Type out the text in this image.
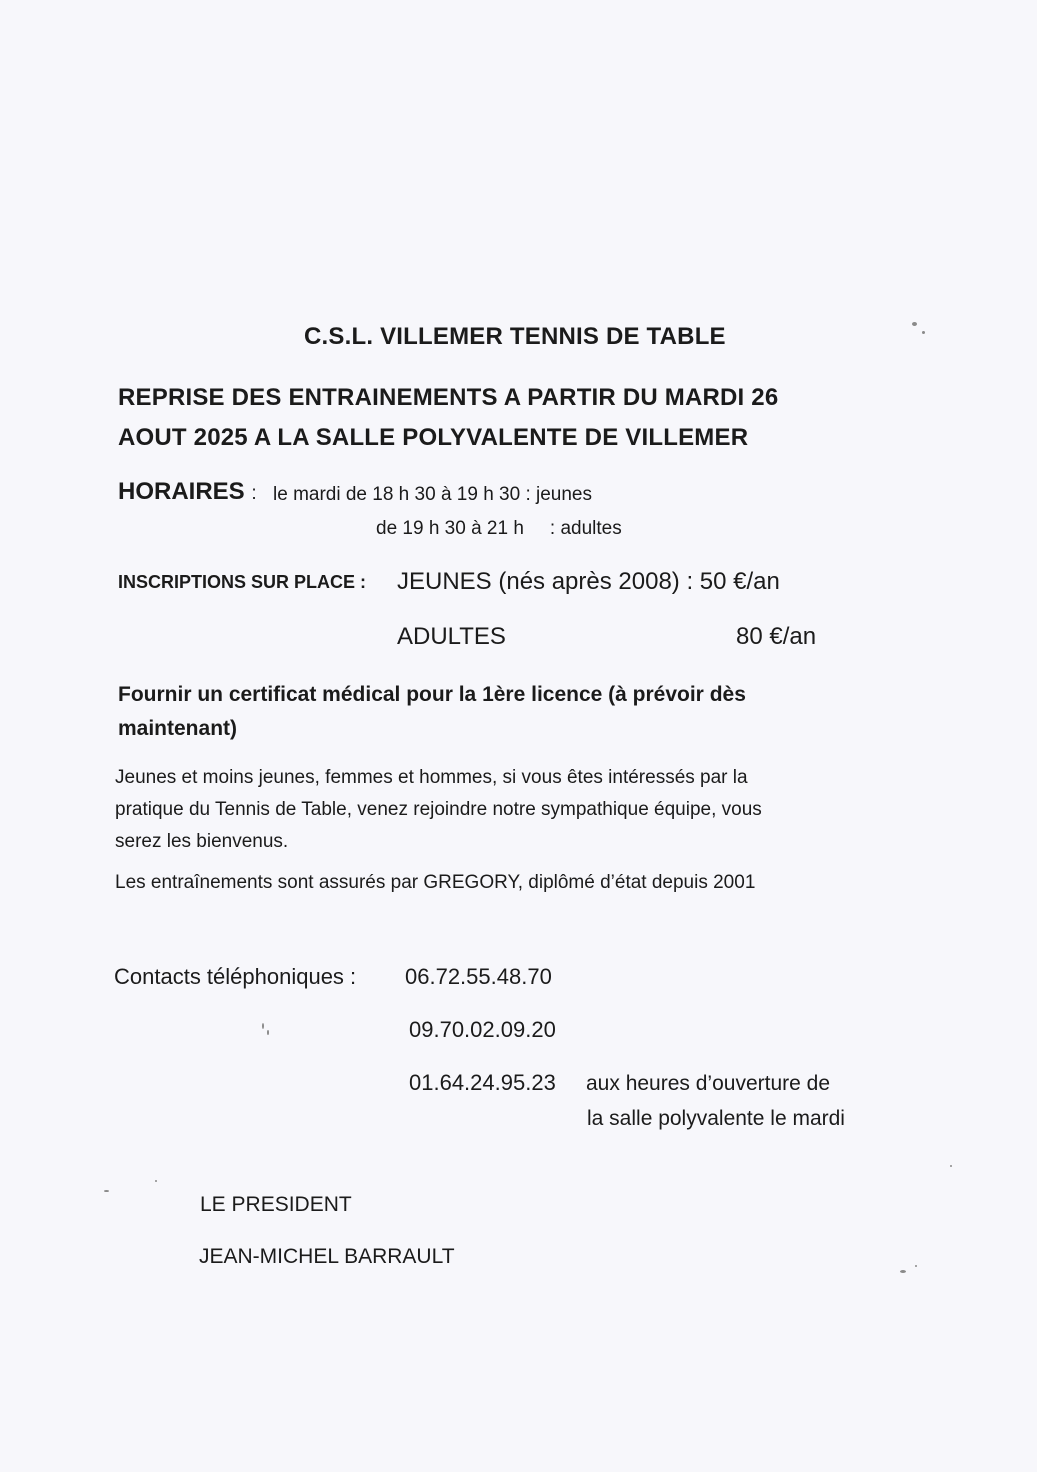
C.S.L. VILLEMER TENNIS DE TABLE
REPRISE DES ENTRAINEMENTS A PARTIR DU MARDI 26
AOUT 2025 A LA SALLE POLYVALENTE DE VILLEMER
HORAIRES : le mardi de 18 h 30 à 19 h 30 : jeunes
de 19 h 30 à 21 h : adultes
INSCRIPTIONS SUR PLACE : JEUNES (nés après 2008) : 50 €/an
ADULTES	80 €/an
Fournir un certificat médical pour la 1ère licence (à prévoir dès
maintenant)
Jeunes et moins jeunes, femmes et hommes, si vous êtes intéressés par la
pratique du Tennis de Table, venez rejoindre notre sympathique équipe, vous
serez les bienvenus.
Les entraînements sont assurés par GREGORY, diplômé d’état depuis 2001
Contacts téléphoniques : 06.72.55.48.70
09.70.02.09.20
01.64.24.95.23 aux heures d’ouverture de
la salle polyvalente le mardi
LE PRESIDENT
JEAN-MICHEL BARRAULT
